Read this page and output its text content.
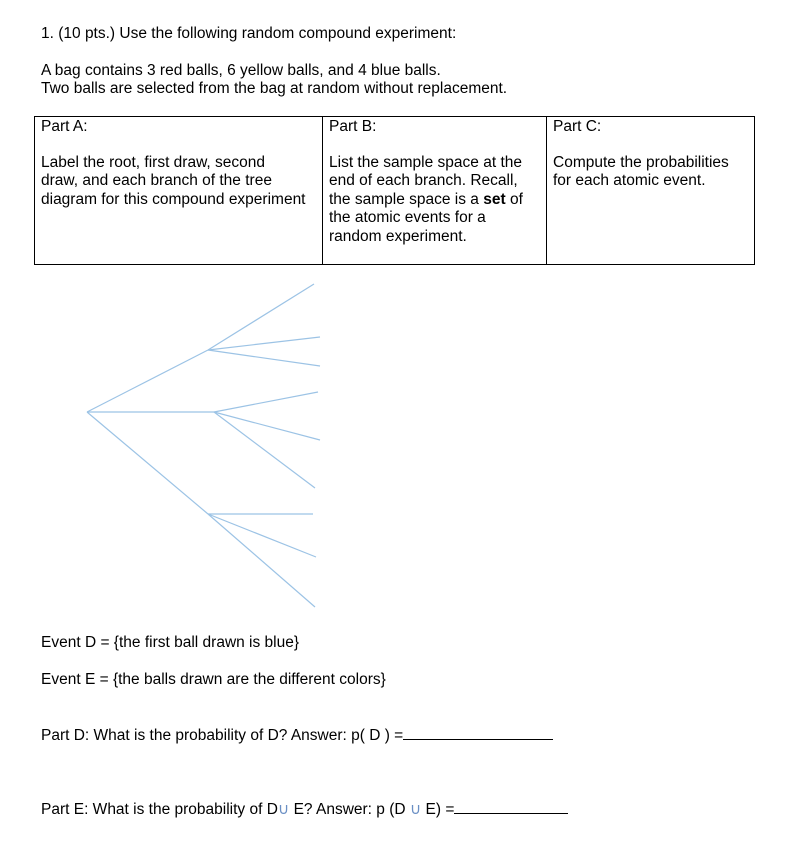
1. (10 pts.) Use the following random compound experiment:
A bag contains 3 red balls, 6 yellow balls, and 4 blue balls.
Two balls are selected from the bag at random without replacement.
Part A:
Label the root, first draw, second
draw, and each branch of the tree
diagram for this compound experiment

Part B:
List the sample space at the
end of each branch. Recall,
the sample space is a set of
the atomic events for a
random experiment.

Part C:
Compute the probabilities
for each atomic event.
Event D = {the first ball drawn is blue}
Event E = {the balls drawn are the different colors}
Part D: What is the probability of D? Answer: p( D ) =
Part E: What is the probability of D∪ E? Answer: p (D ∪ E) =
